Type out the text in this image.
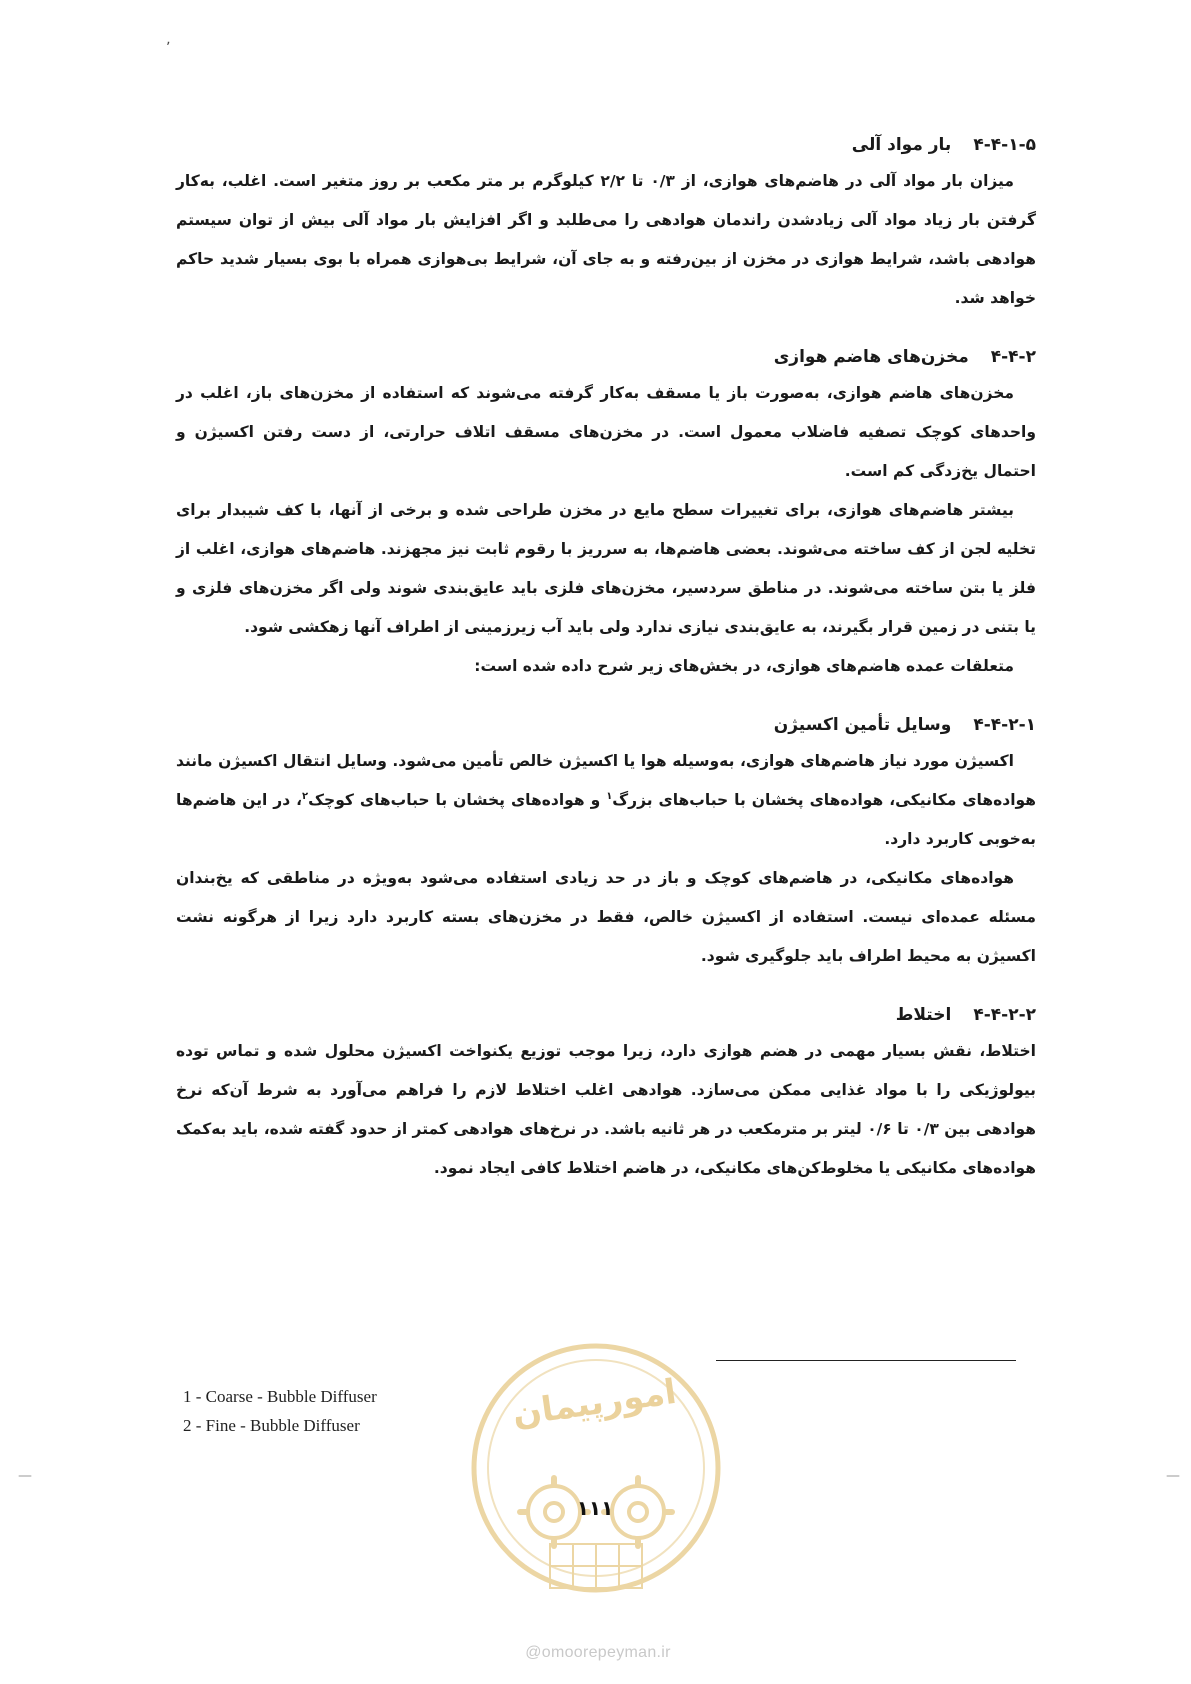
ʼ
—	—
۴-۴-۱-۵بار مواد آلی

میزان بار مواد آلی در هاضم‌های هوازی، از ۰/۳ تا ۲/۲ کیلوگرم بر متر مکعب بر روز متغیر است. اغلب، به‌کار گرفتن بار زیاد مواد آلی زیادشدن راندمان هوادهی را می‌طلبد و اگر افزایش بار مواد آلی بیش از توان سیستم هوادهی باشد، شرایط هوازی در مخزن از بین‌رفته و به جای آن، شرایط بی‌هوازی همراه با بوی بسیار شدید حاکم خواهد شد.

۴-۴-۲مخزن‌های هاضم هوازی

مخزن‌های هاضم هوازی، به‌صورت باز یا مسقف به‌کار گرفته می‌شوند که استفاده از مخزن‌های باز، اغلب در واحدهای کوچک تصفیه فاضلاب معمول است. در مخزن‌های مسقف اتلاف حرارتی، از دست رفتن اکسیژن و احتمال یخ‌زدگی کم است.

بیشتر هاضم‌های هوازی، برای تغییرات سطح مایع در مخزن طراحی شده و برخی از آنها، با کف شیبدار برای تخلیه لجن از کف ساخته می‌شوند. بعضی هاضم‌ها، به سرریز با رقوم ثابت نیز مجهزند. هاضم‌های هوازی، اغلب از فلز یا بتن ساخته می‌شوند. در مناطق سردسیر، مخزن‌های فلزی باید عایق‌بندی شوند ولی اگر مخزن‌های فلزی و یا بتنی در زمین قرار بگیرند، به عایق‌بندی نیازی ندارد ولی باید آب زیرزمینی از اطراف آنها زهکشی شود.

متعلقات عمده هاضم‌های هوازی، در بخش‌های زیر شرح داده شده است:

۴-۴-۲-۱وسایل تأمین اکسیژن

اکسیژن مورد نیاز هاضم‌های هوازی، به‌وسیله هوا یا اکسیژن خالص تأمین می‌شود. وسایل انتقال اکسیژن مانند هواده‌های مکانیکی، هواده‌های پخشان با حباب‌های بزرگ$^۱$ و هواده‌های پخشان با حباب‌های کوچک$^۲$، در این هاضم‌ها به‌خوبی کاربرد دارد.

هواده‌های مکانیکی، در هاضم‌های کوچک و باز در حد زیادی استفاده می‌شود به‌ویژه در مناطقی که یخ‌بندان مسئله عمده‌ای نیست. استفاده از اکسیژن خالص، فقط در مخزن‌های بسته کاربرد دارد زیرا از هرگونه نشت اکسیژن به محیط اطراف باید جلوگیری شود.

۴-۴-۲-۲اختلاط

اختلاط، نقش بسیار مهمی در هضم هوازی دارد، زیرا موجب توزیع یکنواخت اکسیژن محلول شده و تماس توده بیولوژیکی را با مواد غذایی ممکن می‌سازد. هوادهی اغلب اختلاط لازم را فراهم می‌آورد به شرط آن‌که نرخ هوادهی بین ۰/۳ تا ۰/۶ لیتر بر مترمکعب در هر ثانیه باشد. در نرخ‌های هوادهی کمتر از حدود گفته شده، باید به‌کمک هواده‌های مکانیکی یا مخلوط‌کن‌های مکانیکی، در هاضم اختلاط کافی ایجاد نمود.

1 - Coarse - Bubble Diffuser
2 - Fine - Bubble Diffuser	امورپیمان
۱۱۱
@omoorepeyman.ir
